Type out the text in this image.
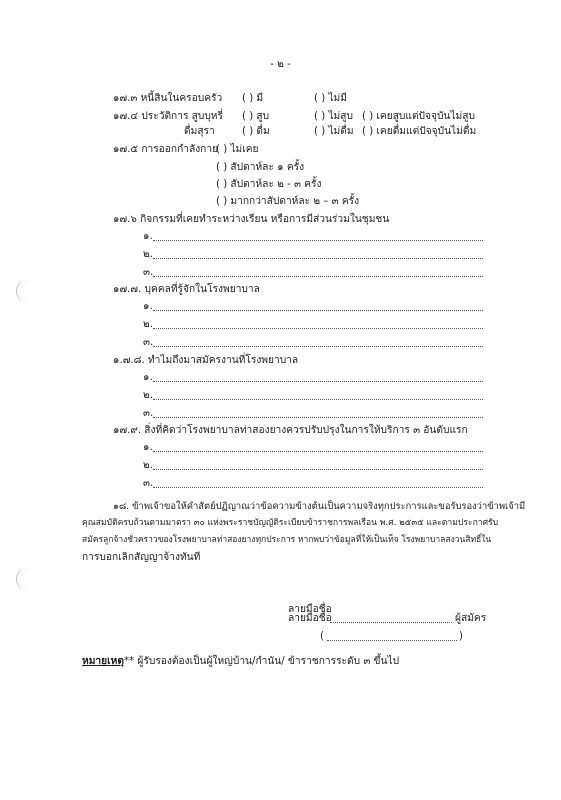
- ๒ -
๑๗.๓ หนี้สินในครอบครัว ( ) มี	( ) ไม่มี
๑๗.๔ ประวัติการ สูบบุหรี่ ( ) สูบ	( ) ไม่สูบ ( ) เคยสูบแต่ปัจจุบันไม่สูบ
ดื่มสุรา	( ) ดื่ม	( ) ไม่ดื่ม ( ) เคยดื่มแต่ปัจจุบันไม่ดื่ม
๑๗.๕ การออกกำลังกาย
( ) ไม่เคย
( ) สัปดาห์ละ ๑ ครั้ง
( ) สัปดาห์ละ ๒ - ๓ ครั้ง
( ) มากกว่าสัปดาห์ละ ๒ – ๓ ครั้ง
๑๗.๖ กิจกรรมที่เคยทำระหว่างเรียน หรือการมีส่วนร่วมในชุมชน
๑.
๒.
๓.
๑๗.๗. บุคคลที่รู้จักในโรงพยาบาล
๑.
๒.
๓.
๑.๗.๘. ทำไมถึงมาสมัครงานที่โรงพยาบาล
๑.
๒.
๓.
๑๗.๙. สิ่งที่คิดว่าโรงพยาบาลท่าสองยางควรปรับปรุงในการให้บริการ ๓ อันดับแรก
๑.
๒.
๓.
๑๘. ข้าพเจ้าขอให้คำสัตย์ปฏิญาณว่าข้อความข้างต้นเป็นความจริงทุกประการและขอรับรองว่าข้าพเจ้ามี
คุณสมบัติครบถ้วนตามมาตรา ๓๐ แห่งพระราชบัญญัติระเบียบข้าราชการพลเรือน พ.ศ. ๒๕๓๕ และตามประกาศรับ
สมัครลูกจ้างชั่วคราวของโรงพยาบาลท่าสองยางทุกประการ หากพบว่าข้อมูลที่ให้เป็นเท็จ โรงพยาบาลสงวนสิทธิ์ใน
การบอกเลิกสัญญาจ้างทันที
ลายมือชื่อ	ผู้สมัคร
(	)
ลายมือชื่อ
หมายเหตุ ** ผู้รับรองต้องเป็นผู้ใหญ่บ้าน/กำนัน/ ข้าราชการระดับ ๓ ขึ้นไป
